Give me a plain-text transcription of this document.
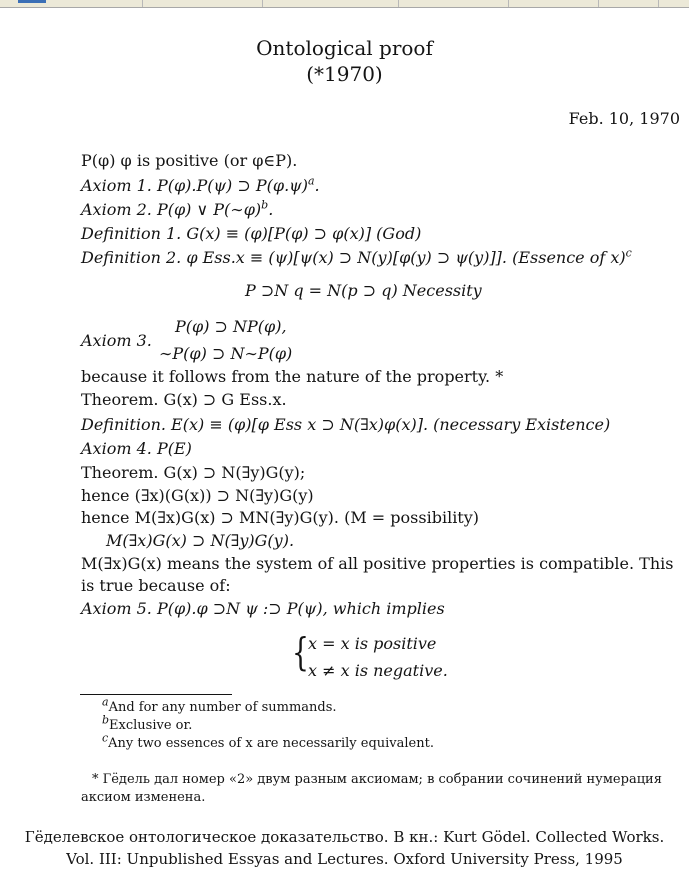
Ontological proof
(*1970)
Feb. 10, 1970
P(φ) φ is positive (or φ∈P).
Axiom 1. P(φ).P(ψ) ⊃ $P(\varphi.\psi)^a$.
Axiom 2. P(φ) ∨ P(∼φ)$^b$.
Definition 1. G(x) ≡ (φ)[P(φ) ⊃ φ(x)] (God)
Definition 2. φ Ess.x ≡ (ψ)[ψ(x) ⊃ N(y)[φ(y) ⊃ ψ(y)]]. (Essence of x)$^c$
P ⊃N q = N(p ⊃ q) Necessity
Axiom 3.
P(φ) ⊃ NP(φ),
∼P(φ) ⊃ N∼P(φ)
because it follows from the nature of the property. *
Theorem. G(x) ⊃ G Ess.x.
Definition. E(x) ≡ (φ)[φ Ess x ⊃ N(∃x)φ(x)]. (necessary Existence)
Axiom 4. P(E)
Theorem. G(x) ⊃ N(∃y)G(y);
hence (∃x)(G(x)) ⊃ N(∃y)G(y)
hence M(∃x)G(x) ⊃ MN(∃y)G(y). (M = possibility)
M(∃x)G(x) ⊃ N(∃y)G(y).
M(∃x)G(x) means the system of all positive properties is compatible. This
is true because of:
Axiom 5. P(φ).φ ⊃N ψ :⊃ P(ψ), which implies
{ x = x is positive
x ≠ x is negative.
$^a$And for any number of summands.
$^b$Exclusive or.
$^c$Any two essences of x are necessarily equivalent.
* Гёдель дал номер «2» двум разным аксиомам; в собрании сочинений нумерация
аксиом изменена.
Гёделевское онтологическое доказательство. В кн.: Kurt Gödel. Collected Works.
Vol. III: Unpublished Essyas and Lectures. Oxford University Press, 1995
